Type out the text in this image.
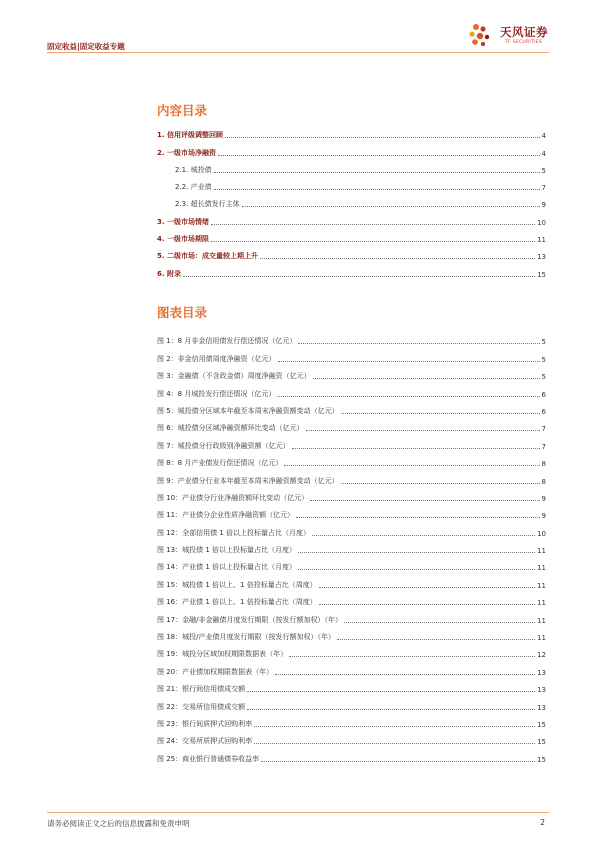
固定收益|固定收益专题
天风证券
TF SECURITIES
内容目录
1. 信用评级调整回顾	4
2. 一级市场净融资	4
2.1. 城投债	5
2.2. 产业债	7
2.3. 超长债发行主体	9
3. 一级市场情绪	10
4. 一级市场期限	11
5. 二级市场：成交量较上期上升	13
6. 附录	15
图表目录
图 1：8 月非金信用债发行偿还情况（亿元）	5
图 2：非金信用债周度净融资（亿元）	5
图 3：金融债（不含政金债）周度净融资（亿元）	5
图 4：8 月城投发行偿还情况（亿元）	6
图 5：城投债分区域本年截至本周末净融资额变动（亿元）	6
图 6：城投债分区域净融资额环比变动（亿元）	7
图 7：城投债分行政级别净融资额（亿元）	7
图 8：8 月产业债发行偿还情况（亿元）	8
图 9：产业债分行业本年截至本周末净融资额变动（亿元）	8
图 10：产业债分行业净融资额环比变动（亿元）	9
图 11：产业债分企业性质净融资额（亿元）	9
图 12：全部信用债 1 倍以上投标量占比（月度）	10
图 13：城投债 1 倍以上投标量占比（月度）	11
图 14：产业债 1 倍以上投标量占比（月度）	11
图 15：城投债 1 倍以上、1 倍投标量占比（周度）	11
图 16：产业债 1 倍以上、1 倍投标量占比（周度）	11
图 17：金融/非金融债月度发行期限（按发行额加权）（年）	11
图 18：城投/产业债月度发行期限（按发行额加权）（年）	11
图 19：城投分区域加权期限数据表（年）	12
图 20：产业债加权期限数据表（年）	13
图 21：银行间信用债成交额	13
图 22：交易所信用债成交额	13
图 23：银行间质押式回购利率	15
图 24：交易所质押式回购利率	15
图 25：商业银行普通债券收益率	15
请务必阅读正文之后的信息披露和免责申明	2
